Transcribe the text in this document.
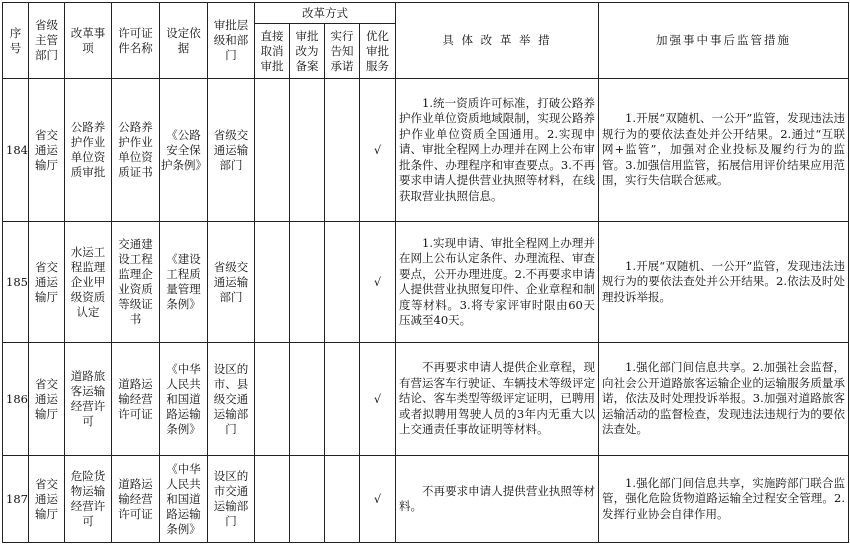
序号	省级主管部门	改革事项	许可证件名称	设定依据	审批层级和部门	改革方式				具 体 改 革 举 措	加强事中事后监管措施
						直接取消审批	审批改为备案	实行告知承诺	优化审批服务		
184	省交通运输厅	公路养护作业单位资质审批	公路养护作业单位资质证书	《公路安全保护条例》	省级交通运输部门				√	1.统一资质许可标准，打破公路养护作业单位资质地域限制，实现公路养护作业单位资质全国通用。2.实现申请、审批全程网上办理并在网上公布审批条件、办理程序和审查要点。3.不再要求申请人提供营业执照等材料，在线获取营业执照信息。	1.开展“双随机、一公开”监管，发现违法违规行为的要依法查处并公开结果。2.通过“互联网+监管”，加强对企业投标及履约行为的监管。3.加强信用监管，拓展信用评价结果应用范围，实行失信联合惩戒。
185	省交通运输厅	水运工程监理企业甲级资质认定	交通建设工程监理企业资质等级证书	《建设工程质量管理条例》	省级交通运输部门				√	1.实现申请、审批全程网上办理并在网上公布认定条件、办理流程、审查要点，公开办理进度。2.不再要求申请人提供营业执照复印件、企业章程和制度等材料。3.将专家评审时限由60天压减至40天。	1.开展“双随机、一公开”监管，发现违法违规行为的要依法查处并公开结果。2.依法及时处理投诉举报。
186	省交通运输厅	道路旅客运输经营许可	道路运输经营许可证	《中华人民共和国道路运输条例》	设区的市、县级交通运输部门				√	不再要求申请人提供企业章程，现有营运客车行驶证、车辆技术等级评定结论、客车类型等级评定证明，已聘用或者拟聘用驾驶人员的3年内无重大以上交通责任事故证明等材料。	1.强化部门间信息共享。2.加强社会监督，向社会公开道路旅客运输企业的运输服务质量承诺，依法及时处理投诉举报。3.加强对道路旅客运输活动的监督检查，发现违法违规行为的要依法查处。
187	省交通运输厅	危险货物运输经营许可	道路运输经营许可证	《中华人民共和国道路运输条例》	设区的市交通运输部门				√	不再要求申请人提供营业执照等材料。	1.强化部门间信息共享，实施跨部门联合监管，强化危险货物道路运输全过程安全管理。2.发挥行业协会自律作用。
